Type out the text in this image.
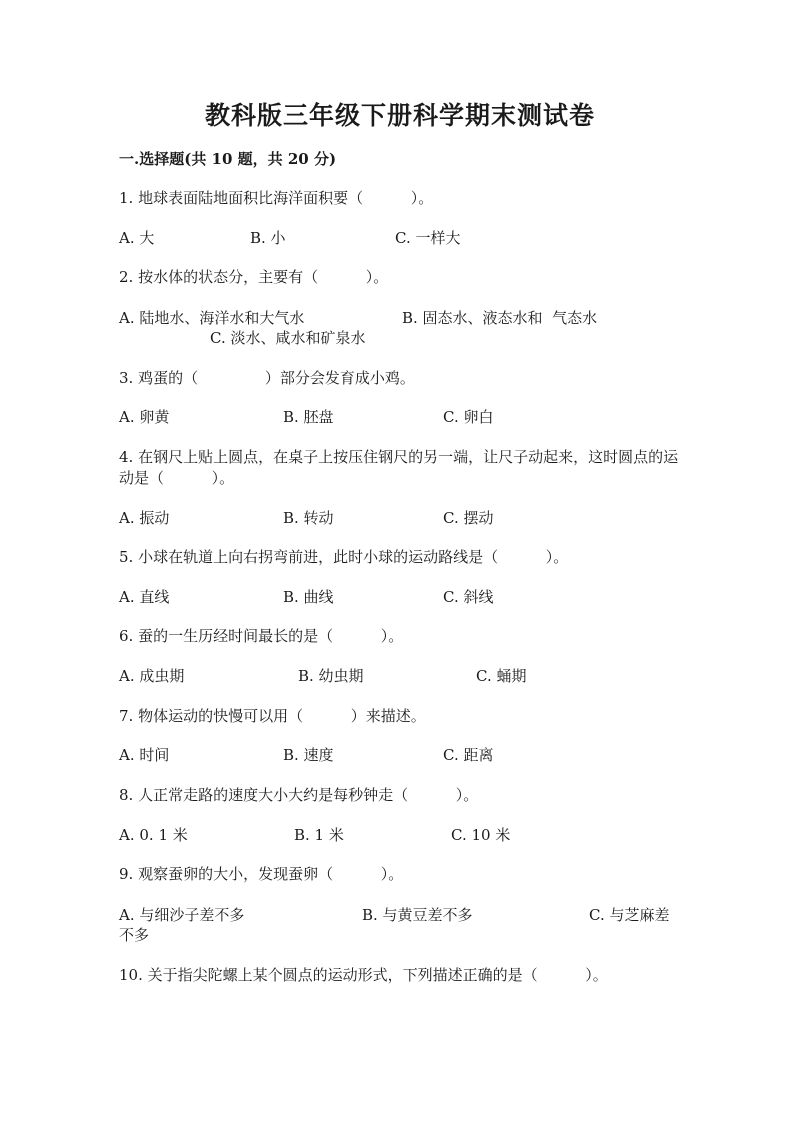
教科版三年级下册科学期末测试卷
一.选择题(共 10 题，共 20 分)
1. 地球表面陆地面积比海洋面积要（          ）。
A. 大	B. 小	C. 一样大
2. 按水体的状态分，主要有（          ）。
A. 陆地水、海洋水和大气水	B. 固态水、液态水和  气态水
C. 淡水、咸水和矿泉水
3. 鸡蛋的（              ）部分会发育成小鸡。
A. 卵黄	B. 胚盘	C. 卵白
4. 在钢尺上贴上圆点，在桌子上按压住钢尺的另一端，让尺子动起来，这时圆点的运动是（          ）。
A. 振动	B. 转动	C. 摆动
5. 小球在轨道上向右拐弯前进，此时小球的运动路线是（          ）。
A. 直线	B. 曲线	C. 斜线
6. 蚕的一生历经时间最长的是（          ）。
A. 成虫期	B. 幼虫期	C. 蛹期
7. 物体运动的快慢可以用（          ）来描述。
A. 时间	B. 速度	C. 距离
8. 人正常走路的速度大小大约是每秒钟走（          ）。
A. 0. 1 米	B. 1 米	C. 10 米
9. 观察蚕卵的大小，发现蚕卵（          ）。
A. 与细沙子差不多	B. 与黄豆差不多	C. 与芝麻差
不多
10. 关于指尖陀螺上某个圆点的运动形式，下列描述正确的是（          ）。
